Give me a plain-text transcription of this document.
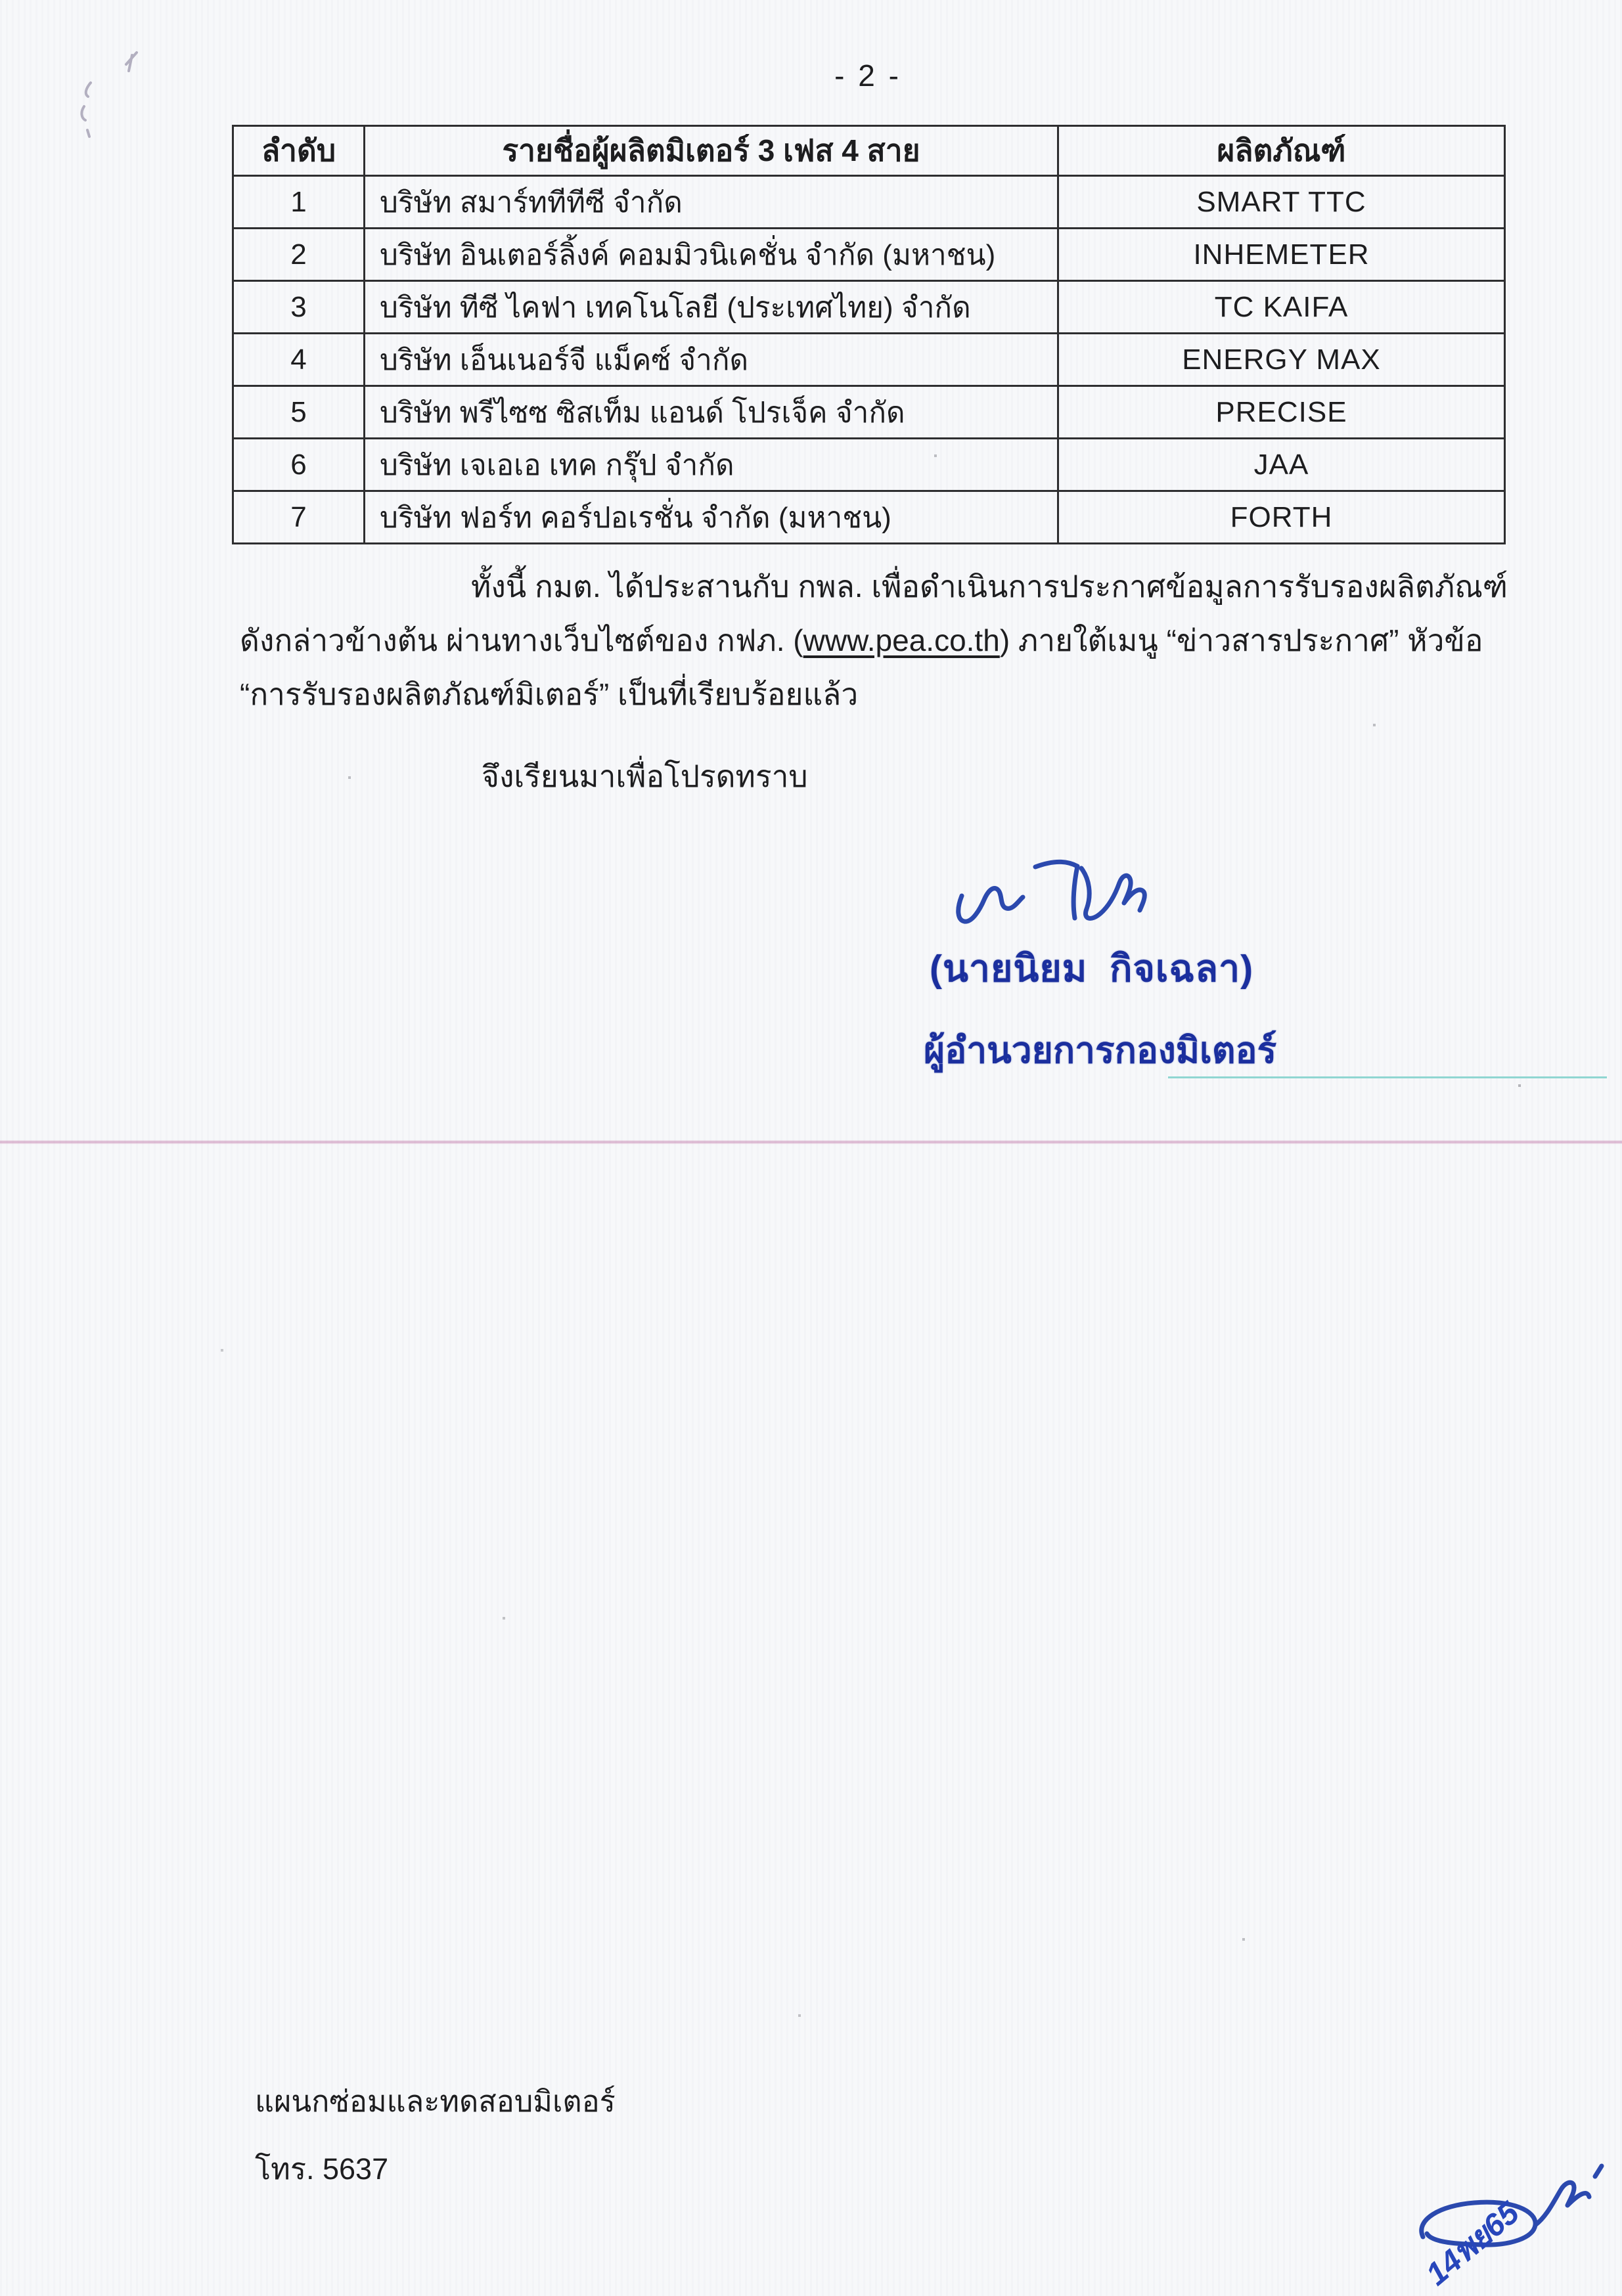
- 2 -
ลำดับ	รายชื่อผู้ผลิตมิเตอร์ 3 เฟส 4 สาย	ผลิตภัณฑ์
1	บริษัท สมาร์ททีทีซี จำกัด	SMART TTC
2	บริษัท อินเตอร์ลิ้งค์ คอมมิวนิเคชั่น จำกัด (มหาชน)	INHEMETER
3	บริษัท ทีซี ไคฟา เทคโนโลยี (ประเทศไทย) จำกัด	TC KAIFA
4	บริษัท เอ็นเนอร์จี แม็คซ์ จำกัด	ENERGY MAX
5	บริษัท พรีไซซ ซิสเท็ม แอนด์ โปรเจ็ค จำกัด	PRECISE
6	บริษัท เจเอเอ เทค กรุ๊ป จำกัด	JAA
7	บริษัท ฟอร์ท คอร์ปอเรชั่น จำกัด (มหาชน)	FORTH
ทั้งนี้ กมต. ได้ประสานกับ กพล. เพื่อดำเนินการประกาศข้อมูลการรับรองผลิตภัณฑ์
ดังกล่าวข้างต้น ผ่านทางเว็บไซต์ของ กฟภ. (www.pea.co.th) ภายใต้เมนู “ข่าวสารประกาศ” หัวข้อ
“การรับรองผลิตภัณฑ์มิเตอร์” เป็นที่เรียบร้อยแล้ว
จึงเรียนมาเพื่อโปรดทราบ
(นายนิยม  กิจเฉลา)
ผู้อำนวยการกองมิเตอร์
แผนกซ่อมและทดสอบมิเตอร์
โทร. 5637
14พย65
